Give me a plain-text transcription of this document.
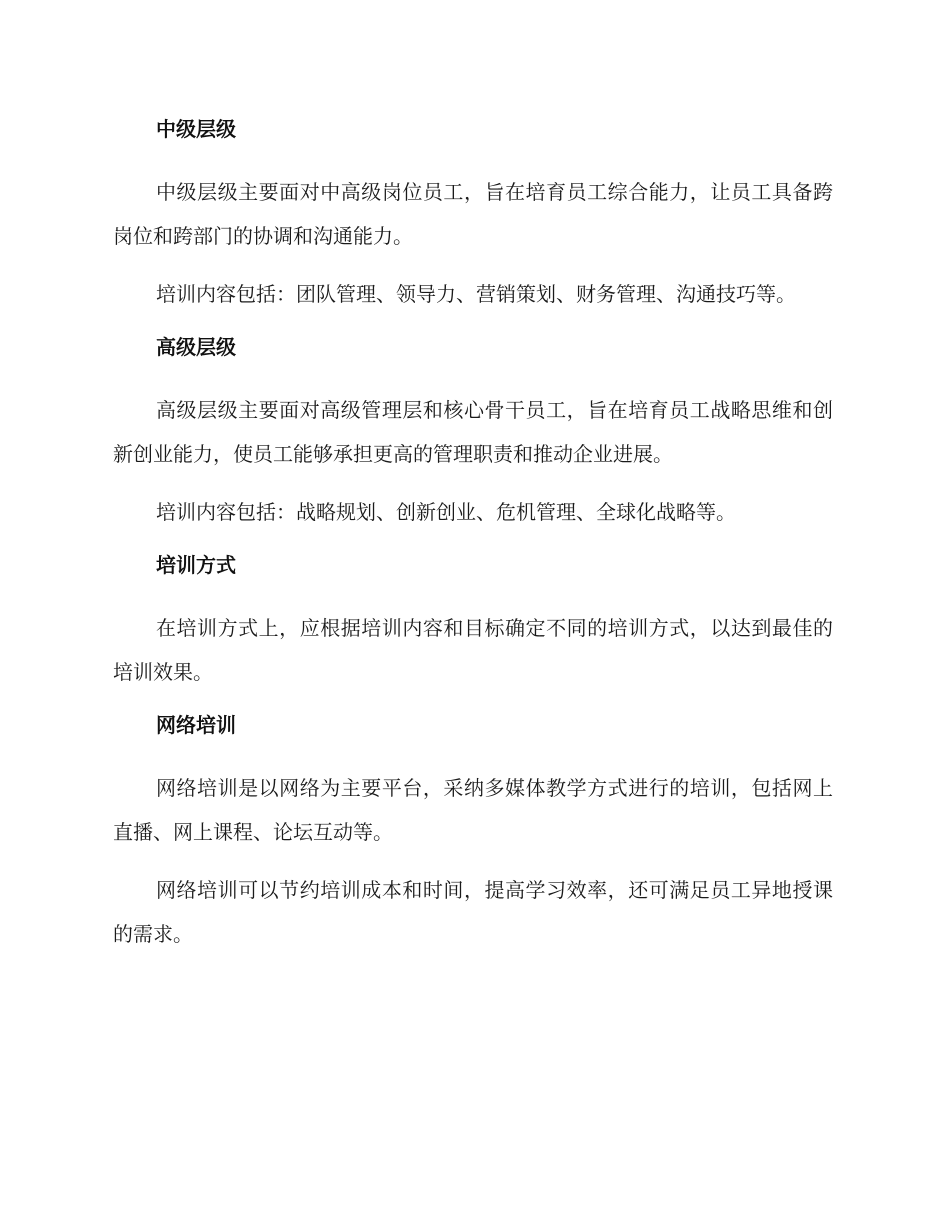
中级层级

中级层级主要面对中高级岗位员工，旨在培育员工综合能力，让员工具备跨岗位和跨部门的协调和沟通能力。

培训内容包括：团队管理、领导力、营销策划、财务管理、沟通技巧等。

高级层级

高级层级主要面对高级管理层和核心骨干员工，旨在培育员工战略思维和创新创业能力，使员工能够承担更高的管理职责和推动企业进展。

培训内容包括：战略规划、创新创业、危机管理、全球化战略等。

培训方式

在培训方式上，应根据培训内容和目标确定不同的培训方式，以达到最佳的培训效果。

网络培训

网络培训是以网络为主要平台，采纳多媒体教学方式进行的培训，包括网上直播、网上课程、论坛互动等。

网络培训可以节约培训成本和时间，提高学习效率，还可满足员工异地授课的需求。
